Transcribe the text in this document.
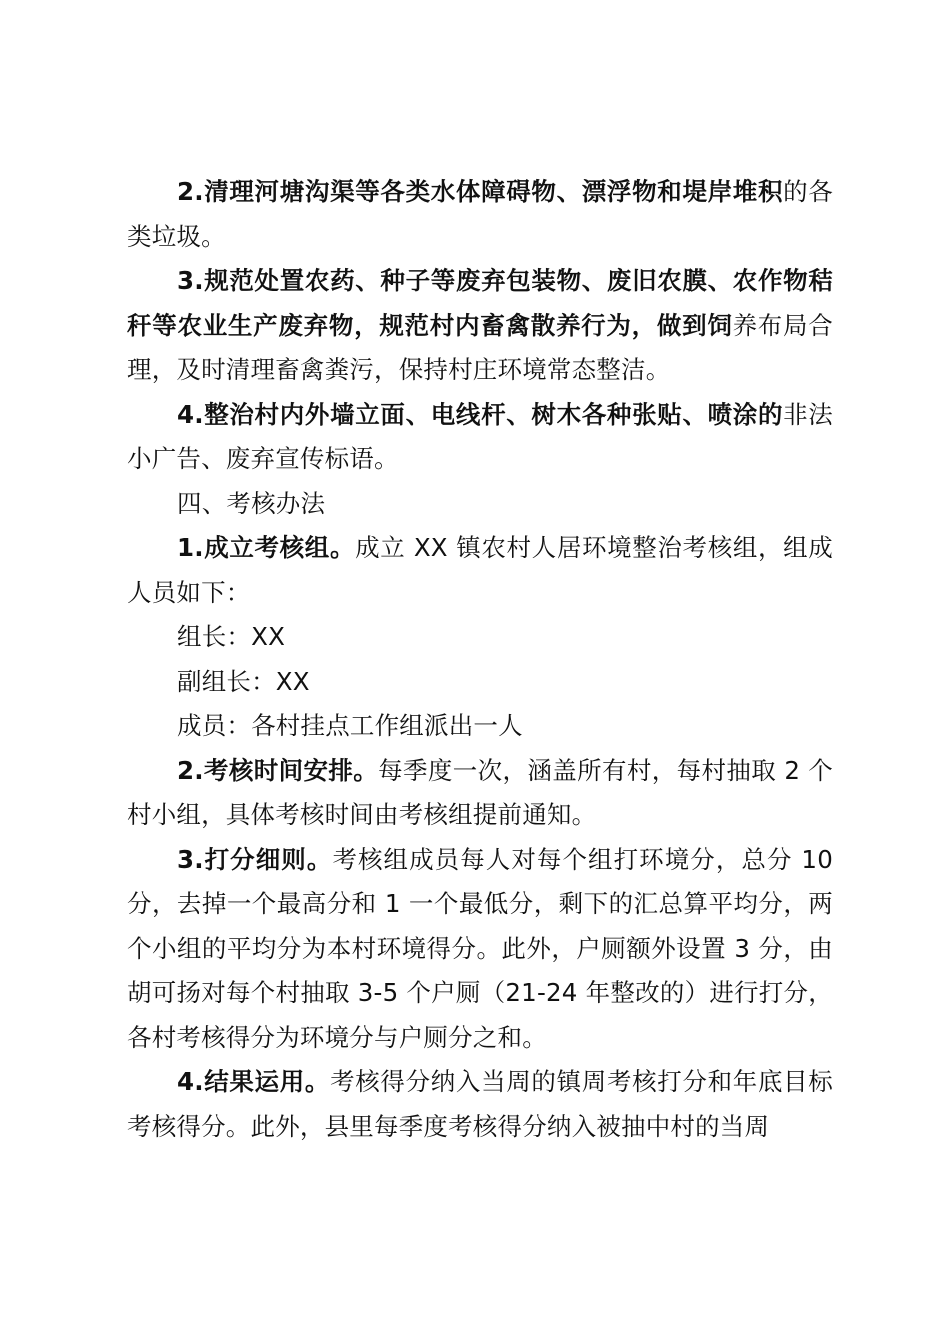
2.清理河塘沟渠等各类水体障碍物、漂浮物和堤岸堆积的各类垃圾。

3.规范处置农药、种子等废弃包装物、废旧农膜、农作物秸秆等农业生产废弃物，规范村内畜禽散养行为，做到饲养布局合理，及时清理畜禽粪污，保持村庄环境常态整洁。

4.整治村内外墙立面、电线杆、树木各种张贴、喷涂的非法小广告、废弃宣传标语。

四、考核办法

1.成立考核组。成立 XX 镇农村人居环境整治考核组，组成人员如下：

组长：XX

副组长：XX

成员：各村挂点工作组派出一人

2.考核时间安排。每季度一次，涵盖所有村，每村抽取 2 个村小组，具体考核时间由考核组提前通知。

3.打分细则。考核组成员每人对每个组打环境分，总分 10 分，去掉一个最高分和 1 一个最低分，剩下的汇总算平均分，两个小组的平均分为本村环境得分。此外，户厕额外设置 3 分，由胡可扬对每个村抽取 3-5 个户厕（21-24 年整改的）进行打分，各村考核得分为环境分与户厕分之和。

4.结果运用。考核得分纳入当周的镇周考核打分和年底目标考核得分。此外，县里每季度考核得分纳入被抽中村的当周
